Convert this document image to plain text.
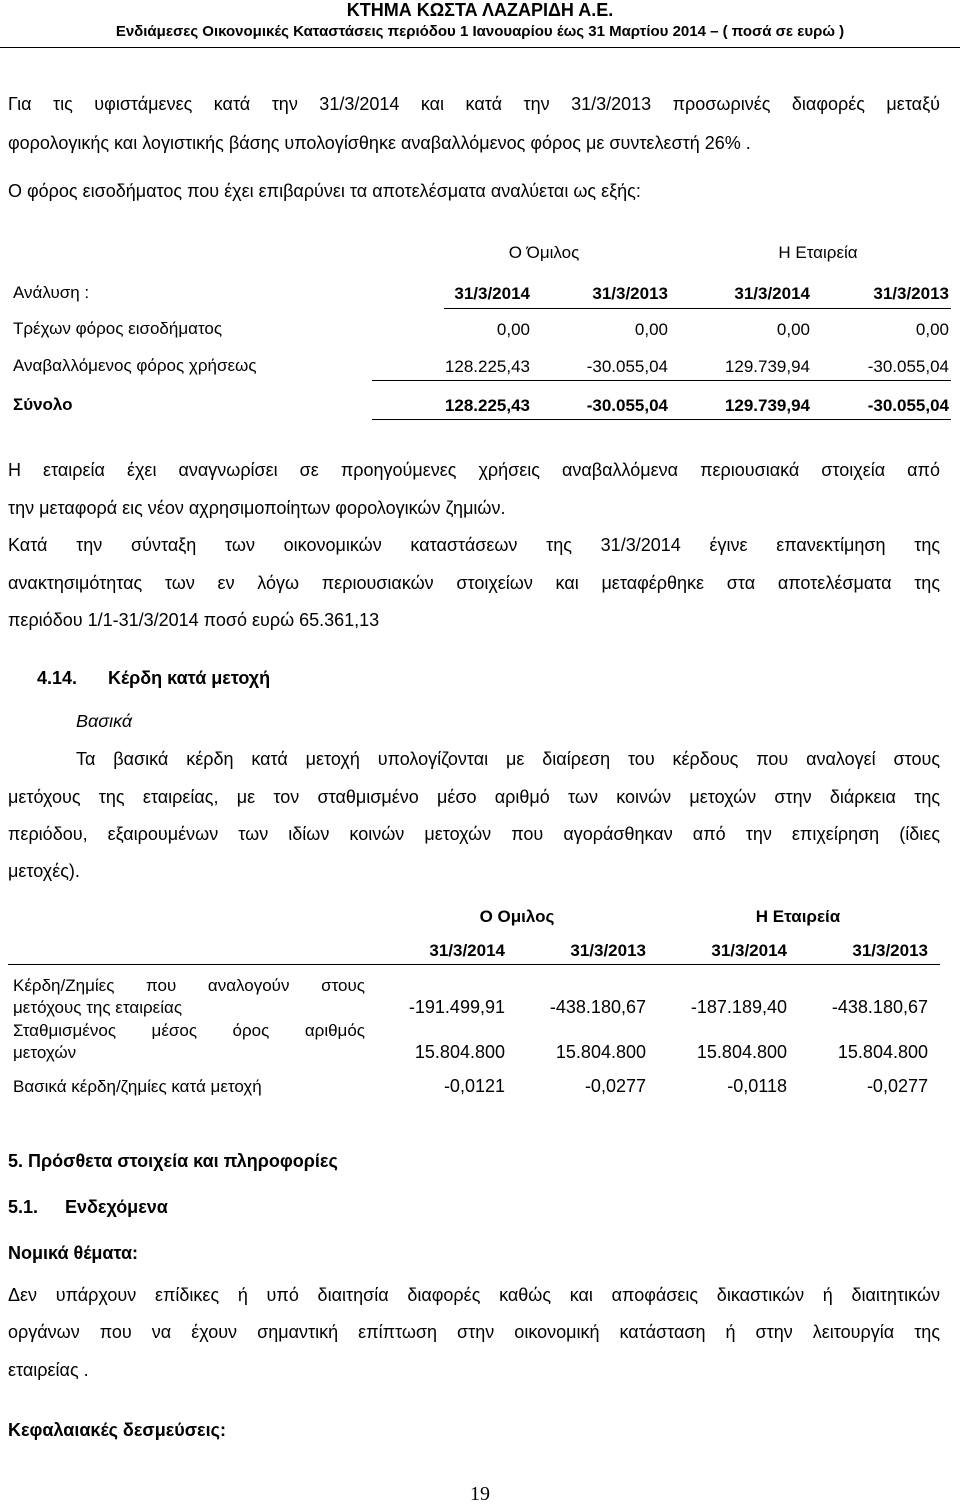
ΚΤΗΜΑ ΚΩΣΤΑ ΛΑΖΑΡΙΔΗ Α.Ε.
Ενδιάμεσες Οικονομικές Καταστάσεις περιόδου 1 Ιανουαρίου έως 31 Μαρτίου 2014 – ( ποσά σε ευρώ )
Για τις υφιστάμενες κατά την 31/3/2014 και κατά την 31/3/2013 προσωρινές διαφορές μεταξύ
φορολογικής και λογιστικής βάσης υπολογίσθηκε αναβαλλόμενος φόρος με συντελεστή 26% .
Ο φόρος εισοδήματος που έχει επιβαρύνει τα αποτελέσματα αναλύεται ως εξής:
Ο Όμιλος	Η Εταιρεία
Ανάλυση :	31/3/2014	31/3/2013	31/3/2014	31/3/2013
Τρέχων φόρος εισοδήματος	0,00	0,00	0,00	0,00
Αναβαλλόμενος φόρος χρήσεως	128.225,43	-30.055,04	129.739,94	-30.055,04
Σύνολο	128.225,43	-30.055,04	129.739,94	-30.055,04
Η εταιρεία έχει αναγνωρίσει σε προηγούμενες χρήσεις αναβαλλόμενα περιουσιακά στοιχεία από
την μεταφορά εις νέον αχρησιμοποίητων φορολογικών ζημιών.
Κατά την σύνταξη των οικονομικών καταστάσεων της 31/3/2014 έγινε επανεκτίμηση της
ανακτησιμότητας των εν λόγω περιουσιακών στοιχείων και μεταφέρθηκε στα αποτελέσματα της
περιόδου 1/1-31/3/2014 ποσό ευρώ 65.361,13
4.14. Κέρδη κατά μετοχή
Βασικά
Τα βασικά κέρδη κατά μετοχή υπολογίζονται με διαίρεση του κέρδους που αναλογεί στους
μετόχους της εταιρείας, με τον σταθμισμένο μέσο αριθμό των κοινών μετοχών στην διάρκεια της
περιόδου, εξαιρουμένων των ιδίων κοινών μετοχών που αγοράσθηκαν από την επιχείρηση (ίδιες
μετοχές).
Ο Ομιλος	Η Εταιρεία
31/3/2014	31/3/2013	31/3/2014	31/3/2013
Κέρδη/Ζημίες που αναλογούν στους
μετόχους της εταιρείας	-191.499,91 -438.180,67 -187.189,40 -438.180,67
Σταθμισμένος μέσος όρος αριθμός
μετοχών	15.804.800	15.804.800	15.804.800	15.804.800
Βασικά κέρδη/ζημίες κατά μετοχή	-0,0121	-0,0277	-0,0118	-0,0277
5. Πρόσθετα στοιχεία και πληροφορίες
5.1. Ενδεχόμενα
Νομικά θέματα:
Δεν υπάρχουν επίδικες ή υπό διαιτησία διαφορές καθώς και αποφάσεις δικαστικών ή διαιτητικών
οργάνων που να έχουν σημαντική επίπτωση στην οικονομική κατάσταση ή στην λειτουργία της
εταιρείας .
Κεφαλαιακές δεσμεύσεις:
19
